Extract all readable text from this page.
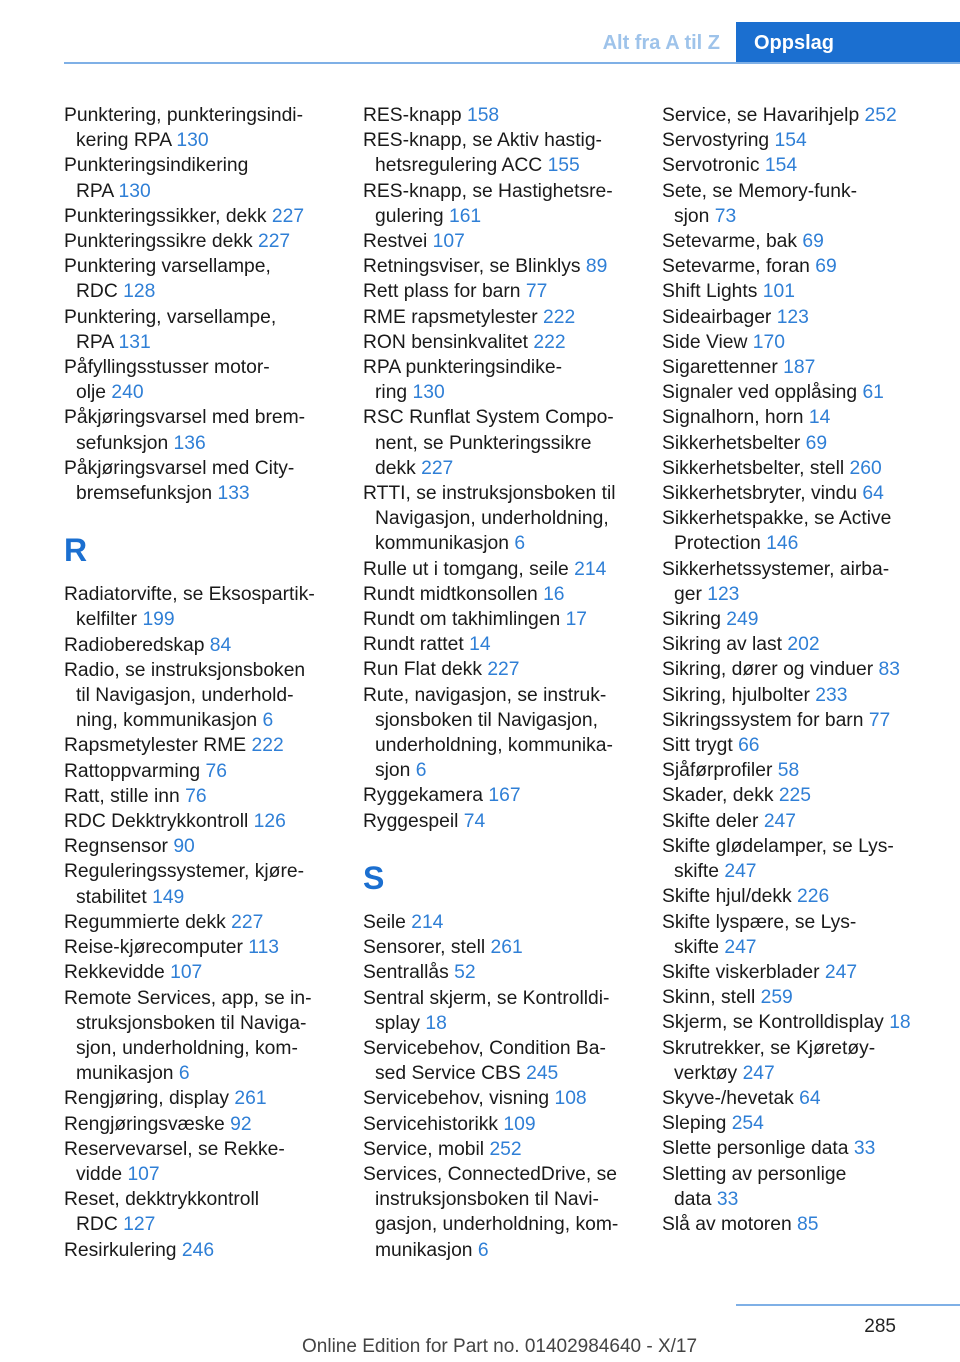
Alt fra A til Z	Oppslag
Punktering, punkteringsindi-
kering RPA 130
Punkteringsindikering
RPA 130
Punkteringssikker, dekk 227
Punkteringssikre dekk 227
Punktering varsellampe,
RDC 128
Punktering, varsellampe,
RPA 131
Påfyllingsstusser motor-
olje 240
Påkjøringsvarsel med brem-
sefunksjon 136
Påkjøringsvarsel med City-
bremsefunksjon 133
R
Radiatorvifte, se Eksospartik-
kelfilter 199
Radioberedskap 84
Radio, se instruksjonsboken
til Navigasjon, underhold-
ning, kommunikasjon 6
Rapsmetylester RME 222
Rattoppvarming 76
Ratt, stille inn 76
RDC Dekktrykkontroll 126
Regnsensor 90
Reguleringssystemer, kjøre-
stabilitet 149
Regummierte dekk 227
Reise-kjørecomputer 113
Rekkevidde 107
Remote Services, app, se in-
struksjonsboken til Naviga-
sjon, underholdning, kom-
munikasjon 6
Rengjøring, display 261
Rengjøringsvæske 92
Reservevarsel, se Rekke-
vidde 107
Reset, dekktrykkontroll
RDC 127
Resirkulering 246
RES-knapp 158
RES-knapp, se Aktiv hastig-
hetsregulering ACC 155
RES-knapp, se Hastighetsre-
gulering 161
Restvei 107
Retningsviser, se Blinklys 89
Rett plass for barn 77
RME rapsmetylester 222
RON bensinkvalitet 222
RPA punkteringsindike-
ring 130
RSC Runflat System Compo-
nent, se Punkteringssikre
dekk 227
RTTI, se instruksjonsboken til
Navigasjon, underholdning,
kommunikasjon 6
Rulle ut i tomgang, seile 214
Rundt midtkonsollen 16
Rundt om takhimlingen 17
Rundt rattet 14
Run Flat dekk 227
Rute, navigasjon, se instruk-
sjonsboken til Navigasjon,
underholdning, kommunika-
sjon 6
Ryggekamera 167
Ryggespeil 74
S
Seile 214
Sensorer, stell 261
Sentrallås 52
Sentral skjerm, se Kontrolldi-
splay 18
Servicebehov, Condition Ba-
sed Service CBS 245
Servicebehov, visning 108
Servicehistorikk 109
Service, mobil 252
Services, ConnectedDrive, se
instruksjonsboken til Navi-
gasjon, underholdning, kom-
munikasjon 6
Service, se Havarihjelp 252
Servostyring 154
Servotronic 154
Sete, se Memory-funk-
sjon 73
Setevarme, bak 69
Setevarme, foran 69
Shift Lights 101
Sideairbager 123
Side View 170
Sigarettenner 187
Signaler ved opplåsing 61
Signalhorn, horn 14
Sikkerhetsbelter 69
Sikkerhetsbelter, stell 260
Sikkerhetsbryter, vindu 64
Sikkerhetspakke, se Active
Protection 146
Sikkerhetssystemer, airba-
ger 123
Sikring 249
Sikring av last 202
Sikring, dører og vinduer 83
Sikring, hjulbolter 233
Sikringssystem for barn 77
Sitt trygt 66
Sjåførprofiler 58
Skader, dekk 225
Skifte deler 247
Skifte glødelamper, se Lys-
skifte 247
Skifte hjul/dekk 226
Skifte lyspære, se Lys-
skifte 247
Skifte viskerblader 247
Skinn, stell 259
Skjerm, se Kontrolldisplay 18
Skrutrekker, se Kjøretøy-
verktøy 247
Skyve-/hevetak 64
Sleping 254
Slette personlige data 33
Sletting av personlige
data 33
Slå av motoren 85
285
Online Edition for Part no. 01402984640 - X/17
